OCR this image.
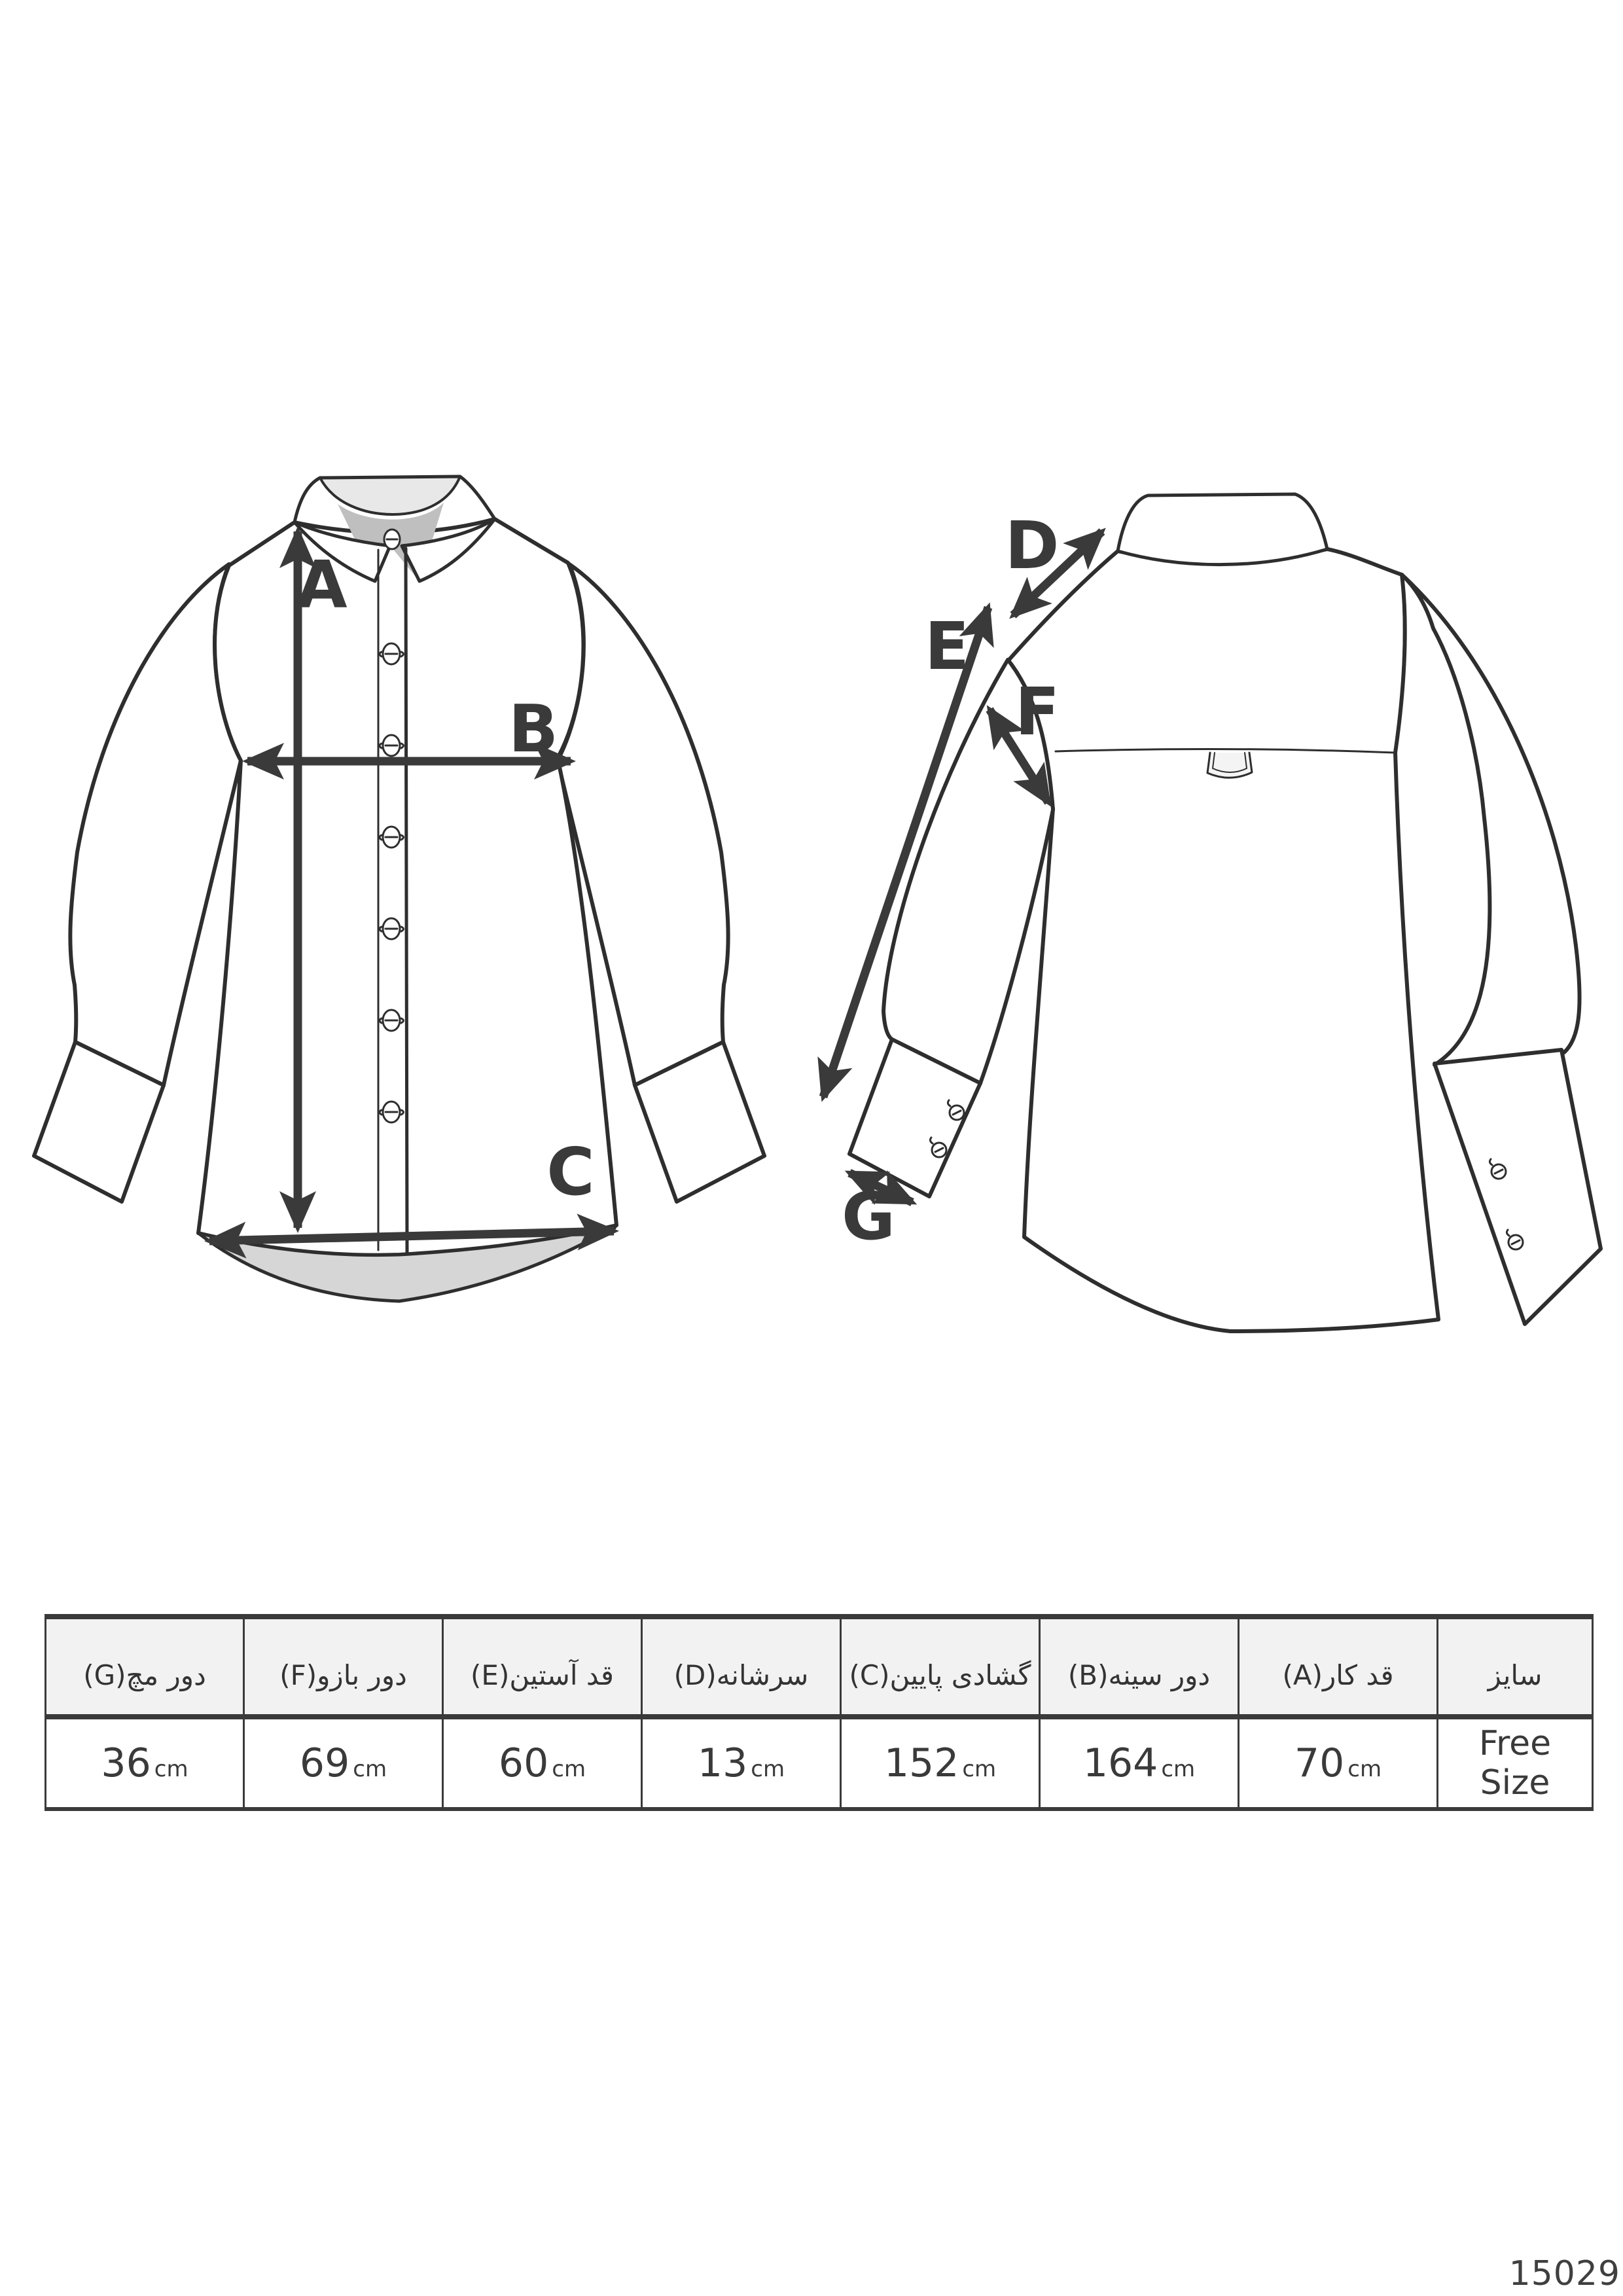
A
B
C
D
E
F
G
سایز	قد کار(A)	دور سینه(B)	گشادی پایین(C)	سرشانه(D)	قد آستین(E)	دور بازو(F)	دور مچ(G)
Free Size	70 cm	164 cm	152 cm	13 cm	60 cm	69 cm	36 cm
15029
